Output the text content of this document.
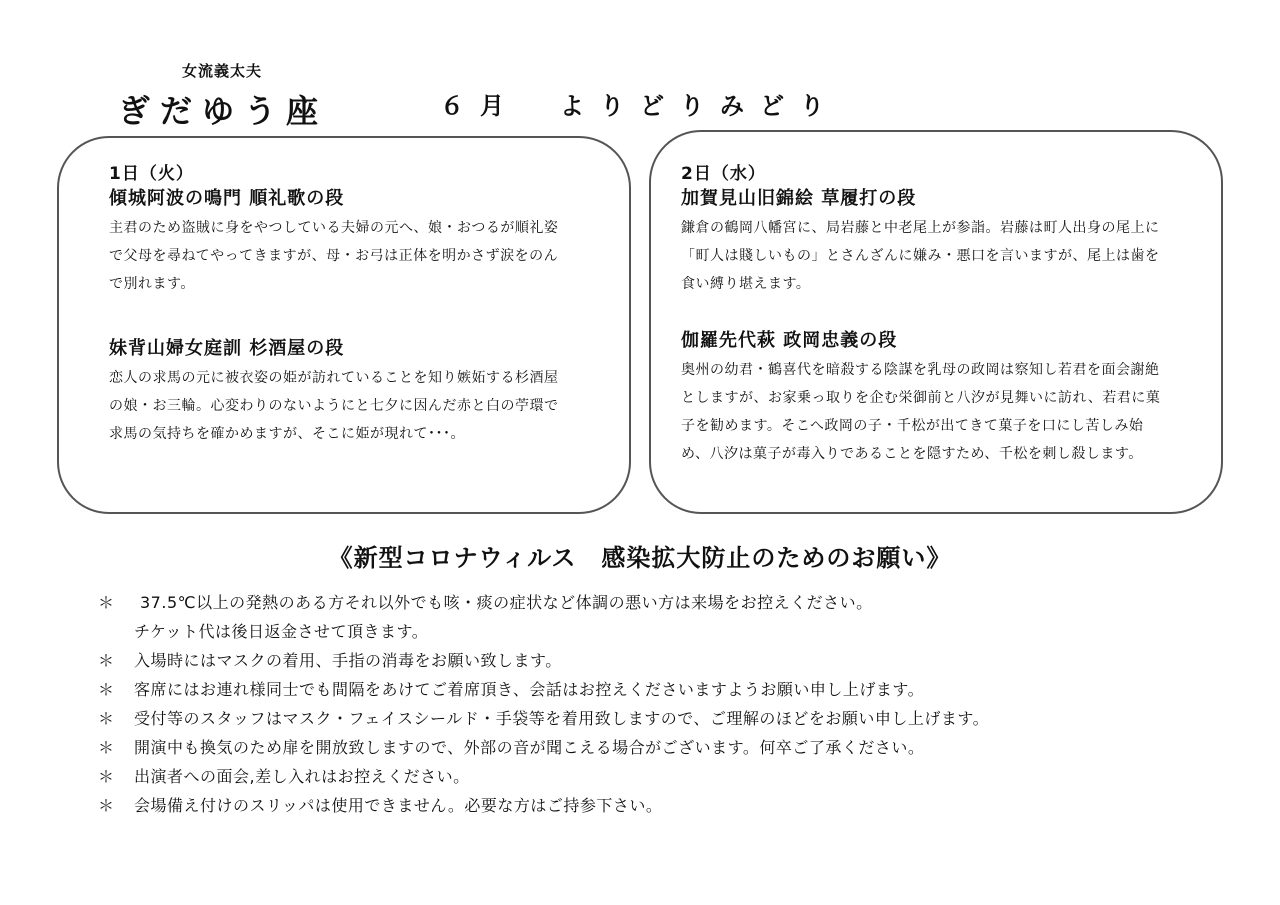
女流義太夫
ぎだゆう座	６月　よりどりみどり
1日（火）
傾城阿波の鳴門 順礼歌の段
主君のため盗賊に身をやつしている夫婦の元へ、娘・おつるが順礼姿
で父母を尋ねてやってきますが、母・お弓は正体を明かさず涙をのん
で別れます。
妹背山婦女庭訓 杉酒屋の段
恋人の求馬の元に被衣姿の姫が訪れていることを知り嫉妬する杉酒屋
の娘・お三輪。心変わりのないようにと七夕に因んだ赤と白の苧環で
求馬の気持ちを確かめますが、そこに姫が現れて･･･。
2日（水）
加賀見山旧錦絵 草履打の段
鎌倉の鶴岡八幡宮に、局岩藤と中老尾上が参詣。岩藤は町人出身の尾上に
「町人は賤しいもの」とさんざんに嫌み・悪口を言いますが、尾上は歯を
食い縛り堪えます。
伽羅先代萩 政岡忠義の段
奥州の幼君・鶴喜代を暗殺する陰謀を乳母の政岡は察知し若君を面会謝絶
としますが、お家乗っ取りを企む栄御前と八汐が見舞いに訪れ、若君に菓
子を勧めます。そこへ政岡の子・千松が出てきて菓子を口にし苦しみ始
め、八汐は菓子が毒入りであることを隠すため、千松を刺し殺します。
《新型コロナウィルス　感染拡大防止のためのお願い》
＊	37.5℃以上の発熱のある方それ以外でも咳・痰の症状など体調の悪い方は来場をお控えください。
チケット代は後日返金させて頂きます。
＊	入場時にはマスクの着用、手指の消毒をお願い致します。
＊	客席にはお連れ様同士でも間隔をあけてご着席頂き、会話はお控えくださいますようお願い申し上げます。
＊	受付等のスタッフはマスク・フェイスシールド・手袋等を着用致しますので、ご理解のほどをお願い申し上げます。
＊	開演中も換気のため扉を開放致しますので、外部の音が聞こえる場合がございます。何卒ご了承ください。
＊	出演者への面会,差し入れはお控えください。
＊	会場備え付けのスリッパは使用できません。必要な方はご持参下さい。
